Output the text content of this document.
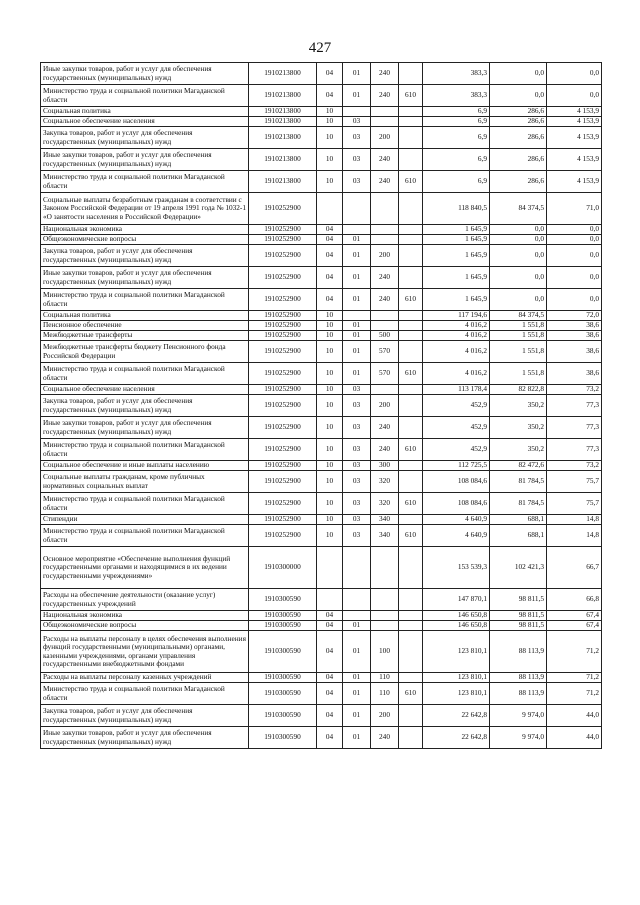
427
Иные закупки товаров, работ и услуг для обеспечения государственных (муниципальных) нужд	1910213800	04	01	240		383,3	0,0	0,0
Министерство труда и социальной политики Магаданской области	1910213800	04	01	240	610	383,3	0,0	0,0
Социальная политика	1910213800	10				6,9	286,6	4 153,9
Социальное обеспечение населения	1910213800	10	03			6,9	286,6	4 153,9
Закупка товаров, работ и услуг для обеспечения государственных (муниципальных) нужд	1910213800	10	03	200		6,9	286,6	4 153,9
Иные закупки товаров, работ и услуг для обеспечения государственных (муниципальных) нужд	1910213800	10	03	240		6,9	286,6	4 153,9
Министерство труда и социальной политики Магаданской области	1910213800	10	03	240	610	6,9	286,6	4 153,9
Социальные выплаты безработным гражданам в соответствии с Законом Российской Федерации от 19 апреля 1991 года № 1032-1 «О занятости населения в Российской Федерации»	1910252900					118 840,5	84 374,5	71,0
Национальная экономика	1910252900	04				1 645,9	0,0	0,0
Общеэкономические вопросы	1910252900	04	01			1 645,9	0,0	0,0
Закупка товаров, работ и услуг для обеспечения государственных (муниципальных) нужд	1910252900	04	01	200		1 645,9	0,0	0,0
Иные закупки товаров, работ и услуг для обеспечения государственных (муниципальных) нужд	1910252900	04	01	240		1 645,9	0,0	0,0
Министерство труда и социальной политики Магаданской области	1910252900	04	01	240	610	1 645,9	0,0	0,0
Социальная политика	1910252900	10				117 194,6	84 374,5	72,0
Пенсионное обеспечение	1910252900	10	01			4 016,2	1 551,8	38,6
Межбюджетные трансферты	1910252900	10	01	500		4 016,2	1 551,8	38,6
Межбюджетные трансферты бюджету Пенсионного фонда Российской Федерации	1910252900	10	01	570		4 016,2	1 551,8	38,6
Министерство труда и социальной политики Магаданской области	1910252900	10	01	570	610	4 016,2	1 551,8	38,6
Социальное обеспечение населения	1910252900	10	03			113 178,4	82 822,8	73,2
Закупка товаров, работ и услуг для обеспечения государственных (муниципальных) нужд	1910252900	10	03	200		452,9	350,2	77,3
Иные закупки товаров, работ и услуг для обеспечения государственных (муниципальных) нужд	1910252900	10	03	240		452,9	350,2	77,3
Министерство труда и социальной политики Магаданской области	1910252900	10	03	240	610	452,9	350,2	77,3
Социальное обеспечение и иные выплаты населению	1910252900	10	03	300		112 725,5	82 472,6	73,2
Социальные выплаты гражданам, кроме публичных нормативных социальных выплат	1910252900	10	03	320		108 084,6	81 784,5	75,7
Министерство труда и социальной политики Магаданской области	1910252900	10	03	320	610	108 084,6	81 784,5	75,7
Стипендии	1910252900	10	03	340		4 640,9	688,1	14,8
Министерство труда и социальной политики Магаданской области	1910252900	10	03	340	610	4 640,9	688,1	14,8
Основное мероприятие «Обеспечение выполнения функций государственными органами и находящимися в их ведении государственными учреждениями»	1910300000					153 539,3	102 421,3	66,7
Расходы на обеспечение деятельности (оказание услуг) государственных учреждений	1910300590					147 870,1	98 811,5	66,8
Национальная экономика	1910300590	04				146 650,8	98 811,5	67,4
Общеэкономические вопросы	1910300590	04	01			146 650,8	98 811,5	67,4
Расходы на выплаты персоналу в целях обеспечения выполнения функций государственными (муниципальными) органами, казенными учреждениями, органами управления государственными внебюджетными фондами	1910300590	04	01	100		123 810,1	88 113,9	71,2
Расходы на выплаты персоналу казенных учреждений	1910300590	04	01	110		123 810,1	88 113,9	71,2
Министерство труда и социальной политики Магаданской области	1910300590	04	01	110	610	123 810,1	88 113,9	71,2
Закупка товаров, работ и услуг для обеспечения государственных (муниципальных) нужд	1910300590	04	01	200		22 642,8	9 974,0	44,0
Иные закупки товаров, работ и услуг для обеспечения государственных (муниципальных) нужд	1910300590	04	01	240		22 642,8	9 974,0	44,0
